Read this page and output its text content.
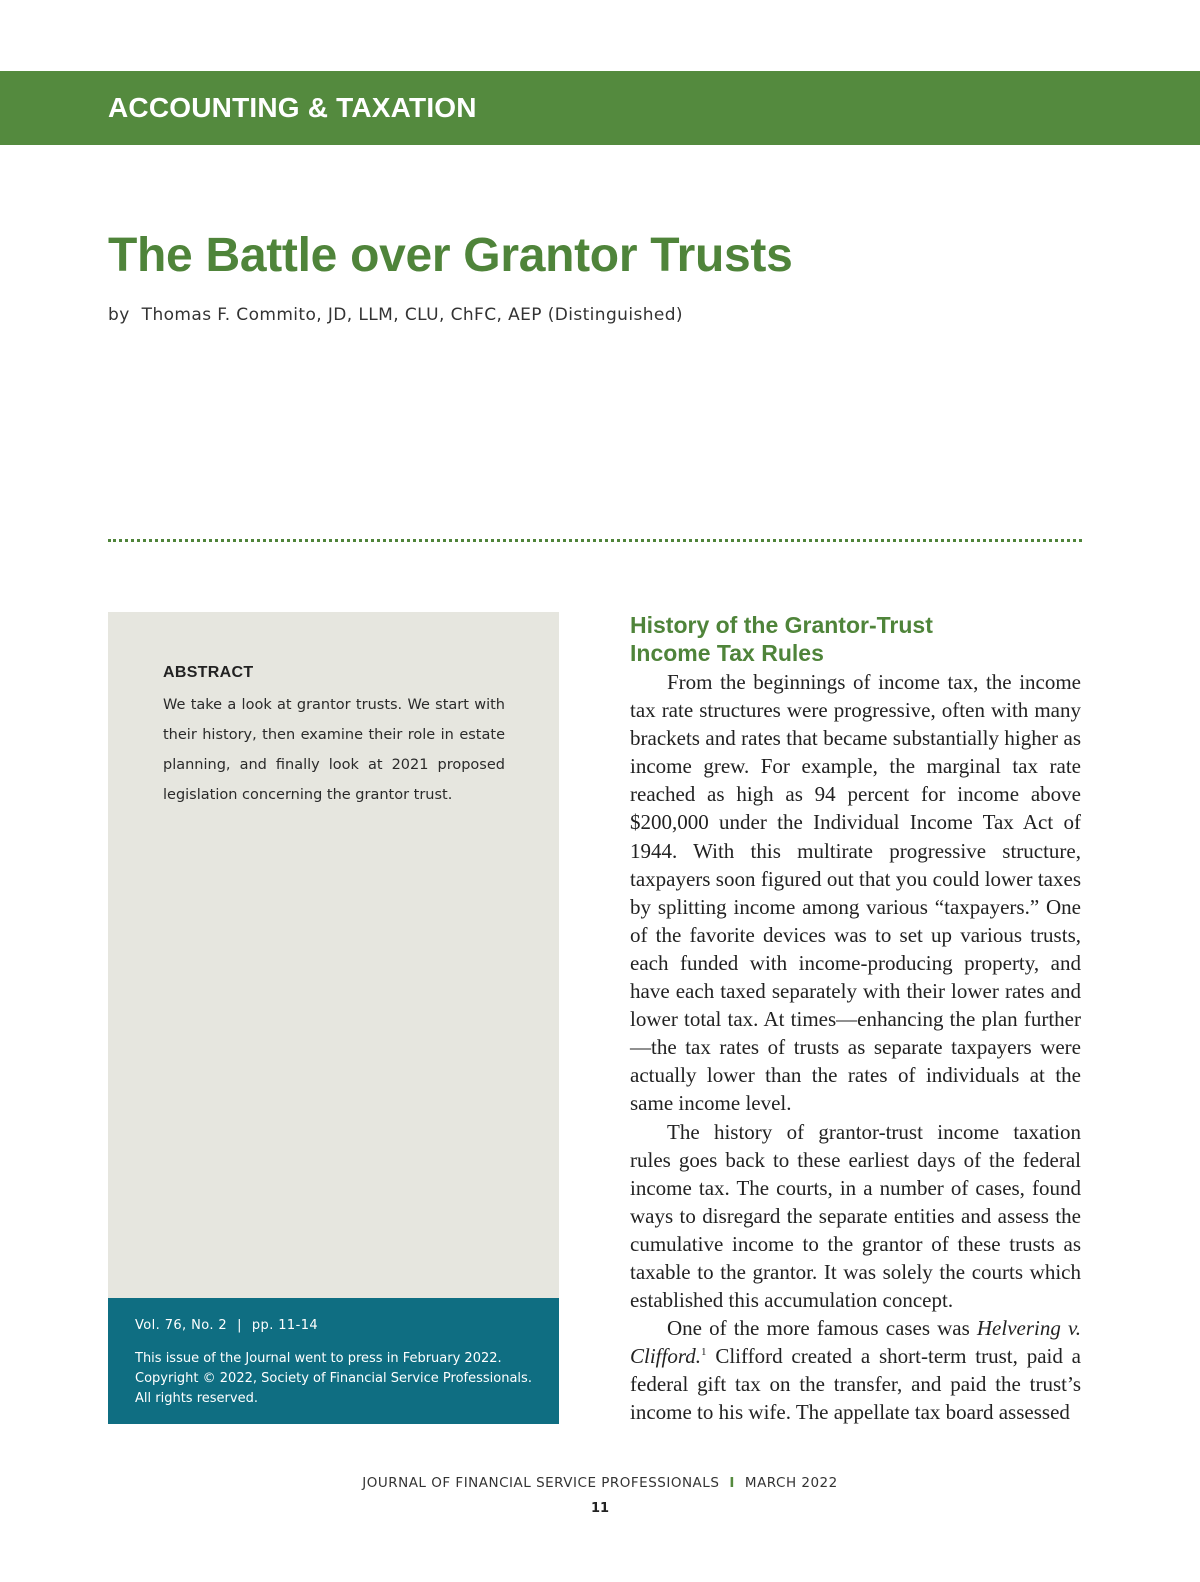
ACCOUNTING & TAXATION
The Battle over Grantor Trusts

by Thomas F. Commito, JD, LLM, CLU, ChFC, AEP (Distinguished)

ABSTRACT

We take a look at grantor trusts. We start with their history, then examine their role in estate planning, and finally look at 2021 proposed legislation concerning the grantor trust.

Vol. 76, No. 2 | pp. 11-14

This issue of the Journal went to press in February 2022.
Copyright © 2022, Society of Financial Service Professionals.
All rights reserved.

History of the Grantor-Trust
Income Tax Rules

From the beginnings of income tax, the income tax rate structures were progressive, often with many brackets and rates that became substantially higher as income grew. For example, the marginal tax rate reached as high as 94 percent for income above $200,000 under the Individual Income Tax Act of 1944. With this multirate progressive structure, taxpayers soon figured out that you could lower taxes by splitting income among various “taxpayers.” One of the favorite devices was to set up various trusts, each funded with income-producing property, and have each taxed separately with their lower rates and lower total tax. At times—enhancing the plan further—the tax rates of trusts as separate taxpayers were actually lower than the rates of individuals at the same income level.

The history of grantor-trust income taxation rules goes back to these earliest days of the federal income tax. The courts, in a number of cases, found ways to disregard the separate entities and assess the cumulative income to the grantor of these trusts as taxable to the grantor. It was solely the courts which established this accumulation concept.

One of the more famous cases was Helvering v. Clifford.$^1$ Clifford created a short-term trust, paid a federal gift tax on the transfer, and paid the trust’s income to his wife. The appellate tax board assessed

JOURNAL OF FINANCIAL SERVICE PROFESSIONALS I MARCH 2022

11
